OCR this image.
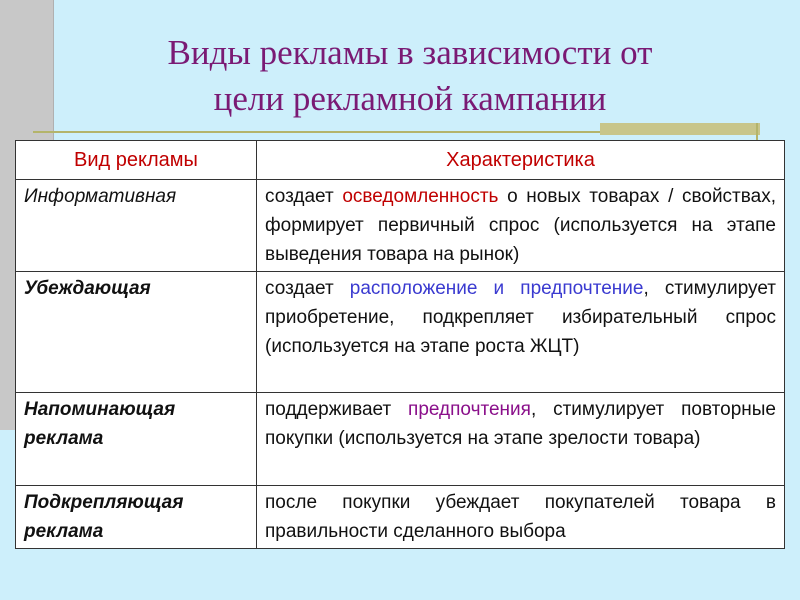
Виды рекламы в зависимости от
цели рекламной кампании
Вид рекламы	Характеристика
Информативная	создает осведомленность о новых товарах / свойствах, формирует первичный спрос (используется на этапе выведения товара на рынок)
Убеждающая	создает расположение и предпочтение, стимулирует приобретение, подкрепляет избирательный спрос (используется на этапе роста ЖЦТ)
Напоминающая реклама	поддерживает предпочтения, стимулирует повторные покупки (используется на этапе зрелости товара)
Подкрепляющая реклама	после покупки убеждает покупателей товара в правильности сделанного выбора
